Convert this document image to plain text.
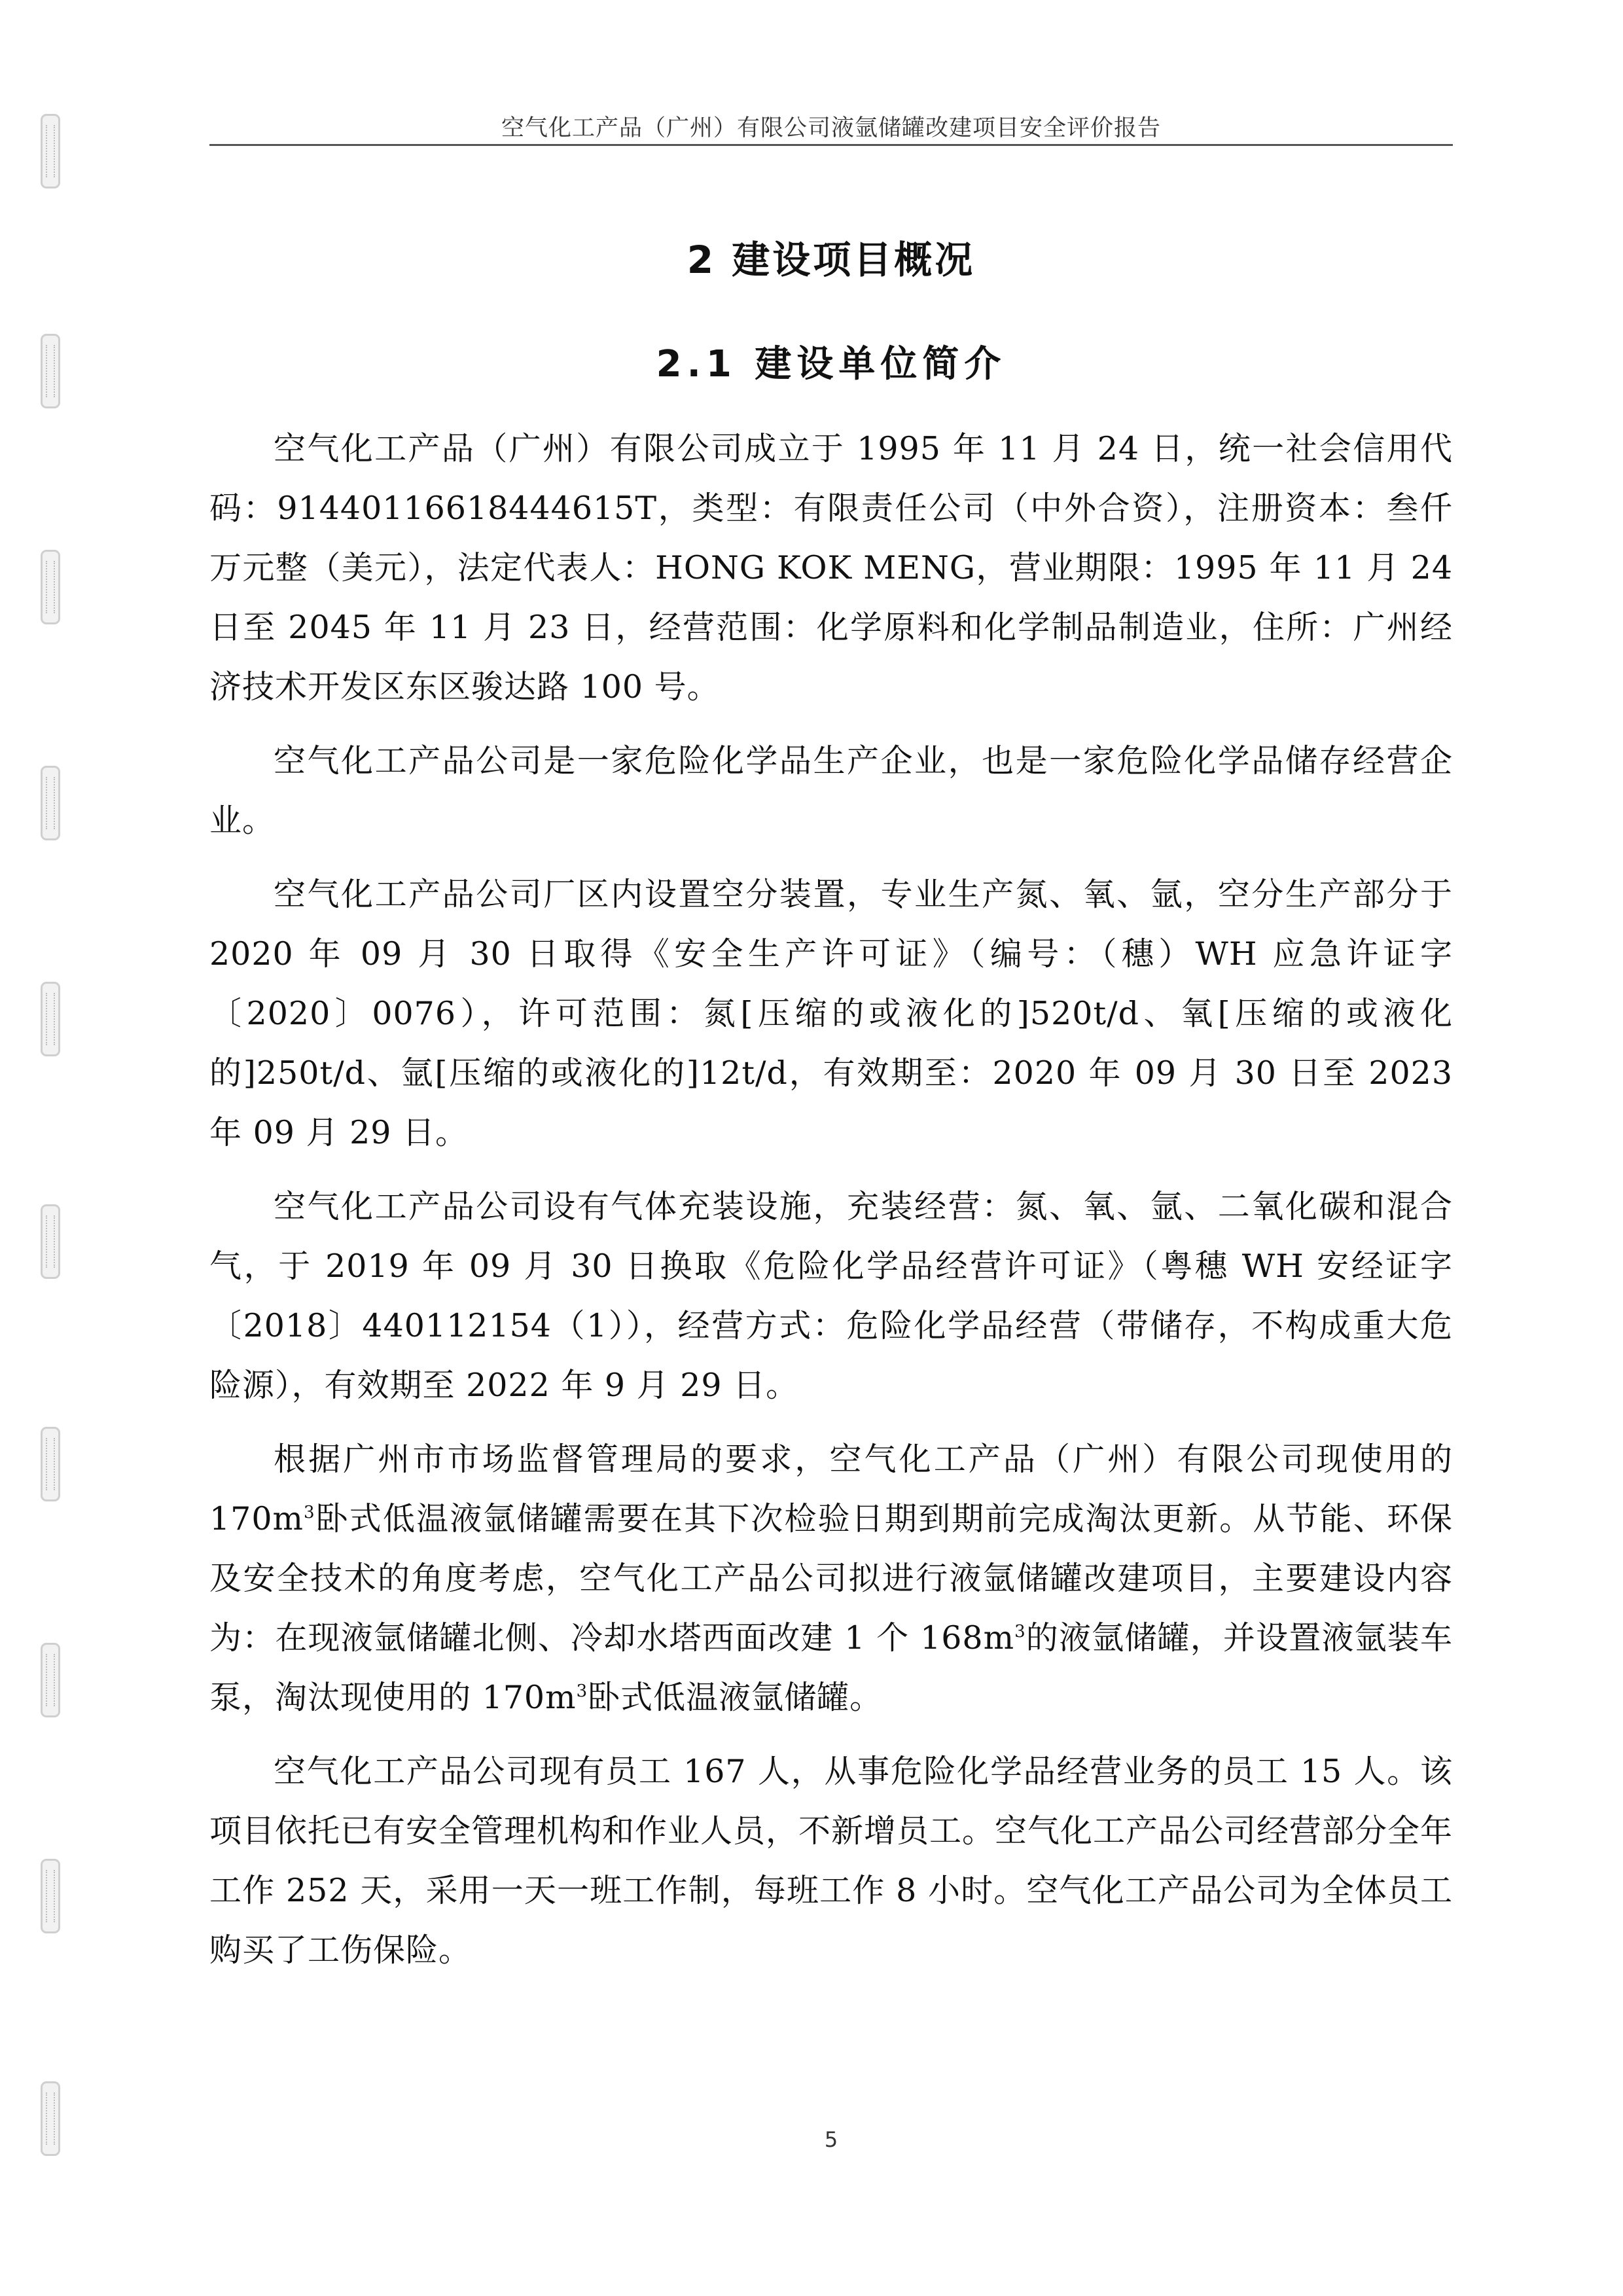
空气化工产品（广州）有限公司液氩储罐改建项目安全评价报告
2 建设项目概况
2.1 建设单位简介

空气化工产品（广州）有限公司成立于 1995 年 11 月 24 日，统一社会信用代码：91440116618444615T，类型：有限责任公司（中外合资），注册资本：叁仟万元整（美元），法定代表人：HONG KOK MENG，营业期限：1995 年 11 月 24 日至 2045 年 11 月 23 日，经营范围：化学原料和化学制品制造业，住所：广州经济技术开发区东区骏达路 100 号。

空气化工产品公司是一家危险化学品生产企业，也是一家危险化学品储存经营企业。

空气化工产品公司厂区内设置空分装置，专业生产氮、氧、氩，空分生产部分于 2020 年 09 月 30 日取得《安全生产许可证》（编号：（穗）WH 应急许证字〔2020〕0076），许可范围：氮[压缩的或液化的]520t/d、氧[压缩的或液化的]250t/d、氩[压缩的或液化的]12t/d，有效期至：2020 年 09 月 30 日至 2023 年 09 月 29 日。

空气化工产品公司设有气体充装设施，充装经营：氮、氧、氩、二氧化碳和混合气，于 2019 年 09 月 30 日换取《危险化学品经营许可证》（粤穗 WH 安经证字〔2018〕440112154（1）），经营方式：危险化学品经营（带储存，不构成重大危险源），有效期至 2022 年 9 月 29 日。

根据广州市市场监督管理局的要求，空气化工产品（广州）有限公司现使用的 $170m^3$卧式低温液氩储罐需要在其下次检验日期到期前完成淘汰更新。从节能、环保及安全技术的角度考虑，空气化工产品公司拟进行液氩储罐改建项目，主要建设内容为：在现液氩储罐北侧、冷却水塔西面改建 1 个 $168m^3$的液氩储罐，并设置液氩装车泵，淘汰现使用的 $170m^3$卧式低温液氩储罐。

空气化工产品公司现有员工 167 人，从事危险化学品经营业务的员工 15 人。该项目依托已有安全管理机构和作业人员，不新增员工。空气化工产品公司经营部分全年工作 252 天，采用一天一班工作制，每班工作 8 小时。空气化工产品公司为全体员工购买了工伤保险。

5
